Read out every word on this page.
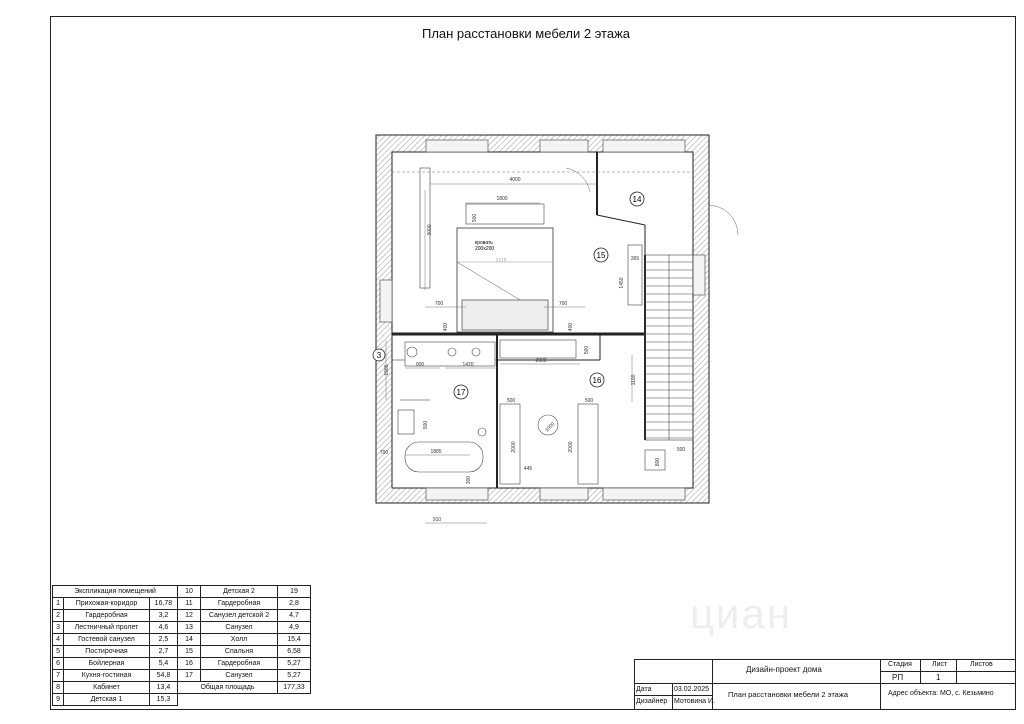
План расстановки мебели 2 этажа
циан
кровать
200х200
3
14
15
16
17
4000
1800
3000
500
2215
700	700
400	400
1450
365
900	1420
2000
500
1100
1585
500	500
1000
2000
2000
1885
445
300
500
800
700
910
500
Экспликация помещений			10	Детская 2	19
1	Прихожая-коридор	16,78	11	Гардеробная	2,8
2	Гардеробная	3,2	12	Санузел детской 2	4,7
3	Лестничный пролет	4,6	13	Санузел	4,9
4	Гостевой санузел	2,5	14	Холл	15,4
5	Постирочная	2,7	15	Спальня	6,58
6	Бойлерная	5,4	16	Гардеробная	5,27
7	Кухня-гостиная	54,8	17	Санузел	5,27
8	Кабинет	13,4	Общая площадь		177,33
9	Детская 1	15,3			
Дизайн-проект дома
План расстановки мебели 2 этажа
Стадия
РП
Лист
1
Листов
Адрес объекта: МО, с. Кезьмино
Дата	03.02.2025
Дизайнер Мотовина И.
